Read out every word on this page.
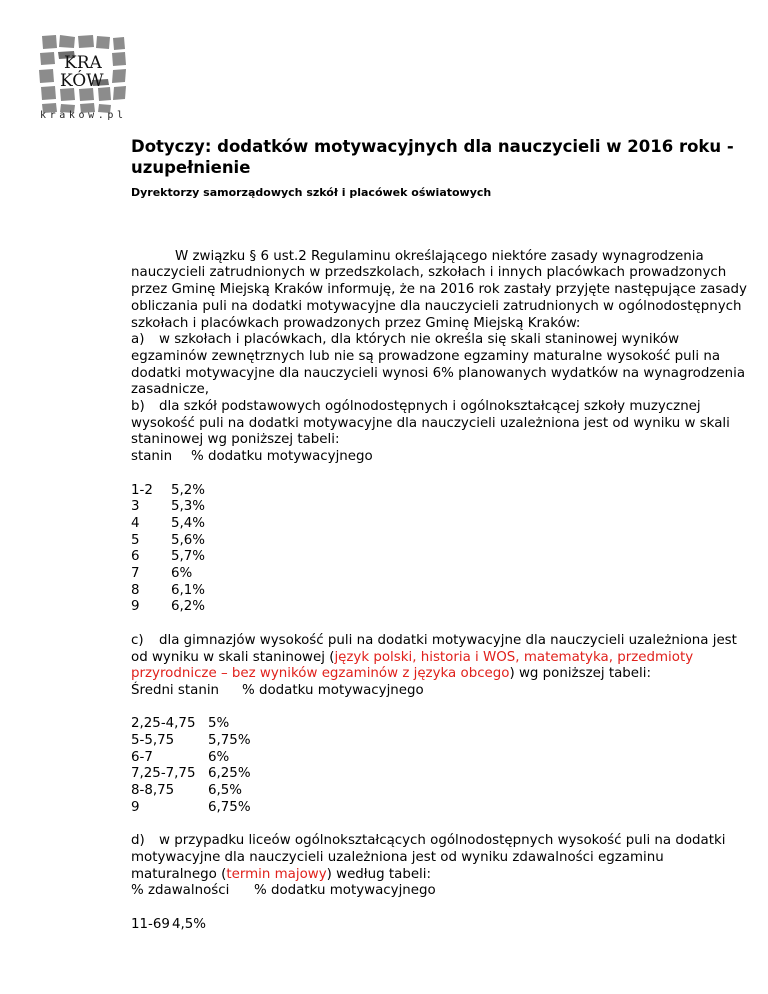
KRA
KÓW
krakow.pl
Dotyczy: dodatków motywacyjnych dla nauczycieli w 2016 roku - uzupełnienie

Dyrektorzy samorządowych szkół i placówek oświatowych

W związku § 6 ust.2 Regulaminu określającego niektóre zasady wynagrodzenia nauczycieli zatrudnionych w przedszkolach, szkołach i innych placówkach prowadzonych przez Gminę Miejską Kraków informuję, że na 2016 rok zastały przyjęte następujące zasady obliczania puli na dodatki motywacyjne dla nauczycieli zatrudnionych w ogólnodostępnych szkołach i placówkach prowadzonych przez Gminę Miejską Kraków:

a) w szkołach i placówkach, dla których nie określa się skali staninowej wyników egzaminów zewnętrznych lub nie są prowadzone egzaminy maturalne wysokość puli na dodatki motywacyjne dla nauczycieli wynosi 6% planowanych wydatków na wynagrodzenia zasadnicze,

b) dla szkół podstawowych ogólnodostępnych i ogólnokształcącej szkoły muzycznej wysokość puli na dodatki motywacyjne dla nauczycieli uzależniona jest od wyniku w skali staninowej wg poniższej tabeli:

stanin % dodatku motywacyjnego

1-2 5,2%

3 5,3%

4 5,4%

5 5,6%

6 5,7%

7 6%

8 6,1%

9 6,2%

c) dla gimnazjów wysokość puli na dodatki motywacyjne dla nauczycieli uzależniona jest od wyniku w skali staninowej (język polski, historia i WOS, matematyka, przedmioty przyrodnicze – bez wyników egzaminów z języka obcego) wg poniższej tabeli:

Średni stanin % dodatku motywacyjnego

2,25-4,75 5%

5-5,75	5,75%

6-7	6%

7,25-7,75 6,25%

8-8,75	6,5%

9	6,75%

d) w przypadku liceów ogólnokształcących ogólnodostępnych wysokość puli na dodatki motywacyjne dla nauczycieli uzależniona jest od wyniku zdawalności egzaminu maturalnego (termin majowy) według tabeli:

% zdawalności % dodatku motywacyjnego

11-69 4,5%
